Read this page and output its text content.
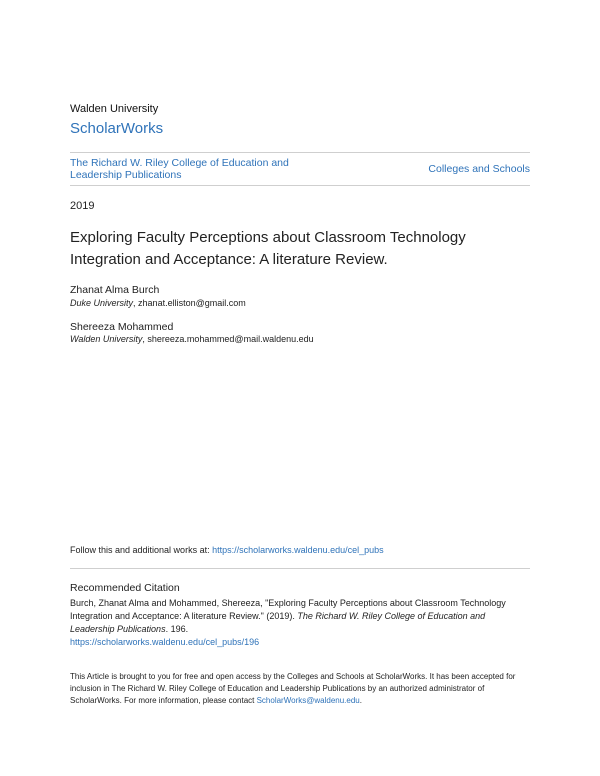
Walden University
ScholarWorks
The Richard W. Riley College of Education and Leadership Publications	Colleges and Schools
2019
Exploring Faculty Perceptions about Classroom Technology Integration and Acceptance: A literature Review.
Zhanat Alma Burch
Duke University, zhanat.elliston@gmail.com
Shereeza Mohammed
Walden University, shereeza.mohammed@mail.waldenu.edu
Follow this and additional works at: https://scholarworks.waldenu.edu/cel_pubs
Recommended Citation
Burch, Zhanat Alma and Mohammed, Shereeza, "Exploring Faculty Perceptions about Classroom Technology Integration and Acceptance: A literature Review." (2019). The Richard W. Riley College of Education and Leadership Publications. 196.
https://scholarworks.waldenu.edu/cel_pubs/196
This Article is brought to you for free and open access by the Colleges and Schools at ScholarWorks. It has been accepted for inclusion in The Richard W. Riley College of Education and Leadership Publications by an authorized administrator of ScholarWorks. For more information, please contact ScholarWorks@waldenu.edu.
